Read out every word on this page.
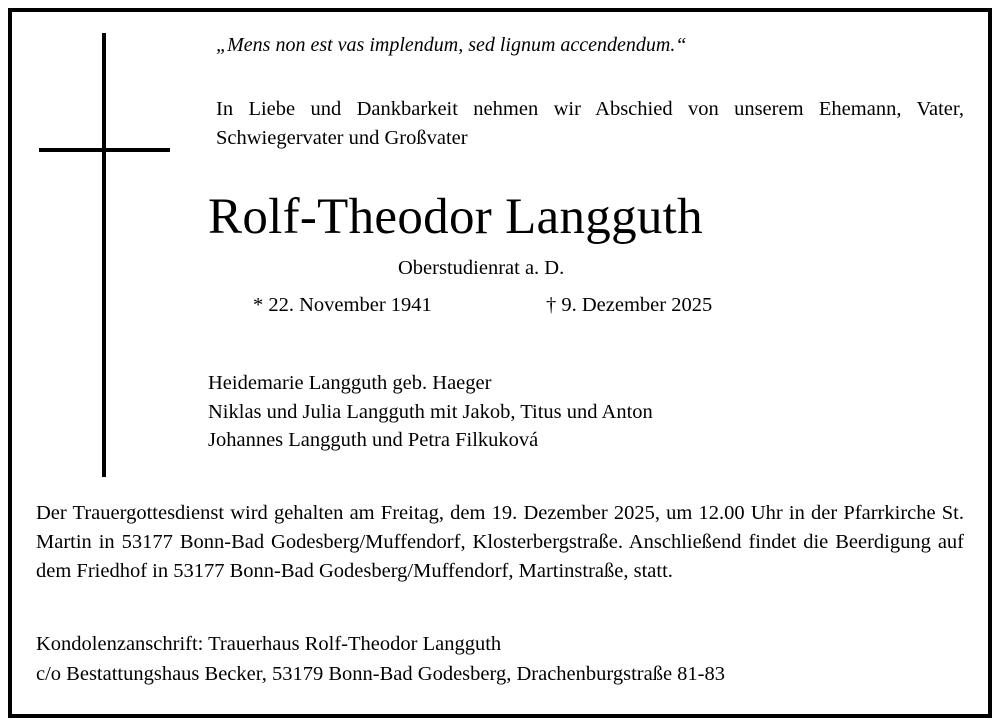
„Mens non est vas implendum, sed lignum accendendum.“
In Liebe und Dankbarkeit nehmen wir Abschied von unserem Ehemann, Vater, Schwiegervater und Großvater
Rolf-Theodor Langguth
Oberstudienrat a. D.
* 22. November 1941	† 9. Dezember 2025
Heidemarie Langguth geb. Haeger
Niklas und Julia Langguth mit Jakob, Titus und Anton
Johannes Langguth und Petra Filkuková
Der Trauergottesdienst wird gehalten am Freitag, dem 19. Dezember 2025, um 12.00 Uhr in der Pfarrkirche St. Martin in 53177 Bonn-Bad Godesberg/Muffendorf, Klosterbergstraße. Anschließend findet die Beerdigung auf dem Friedhof in 53177 Bonn-Bad Godesberg/Muffendorf, Martinstraße, statt.
Kondolenzanschrift: Trauerhaus Rolf-Theodor Langguth
c/o Bestattungshaus Becker, 53179 Bonn-Bad Godesberg, Drachenburgstraße 81-83
